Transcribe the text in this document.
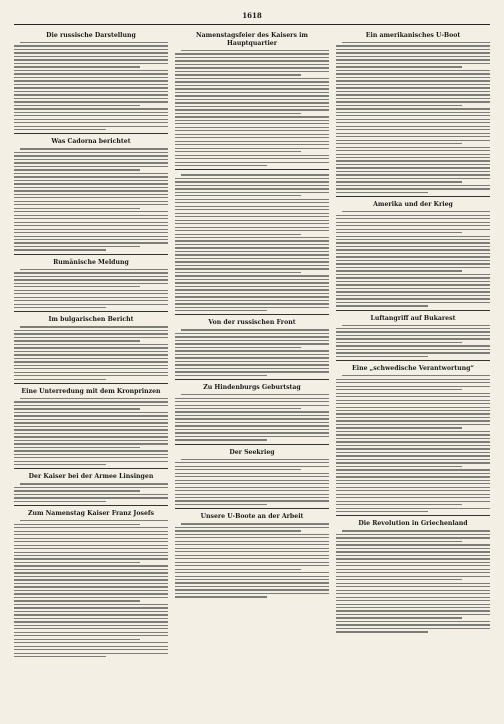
1618
Die russische Darstellung
Was Cadorna berichtet
Rumänische Meldung
Im bulgarischen Bericht
Eine Unterredung mit dem Kronprinzen
Der Kaiser bei der Armee Linsingen
Zum Namenstag Kaiser Franz Josefs
Namenstagsfeier des Kaisers im Hauptquartier
Von der russischen Front
Zu Hindenburgs Geburtstag
Der Seekrieg
Unsere U-Boote an der Arbeit
Ein amerikanisches U-Boot
Amerika und der Krieg
Luftangriff auf Bukarest
Eine „schwedische Verantwortung“
Die Revolution in Griechenland
